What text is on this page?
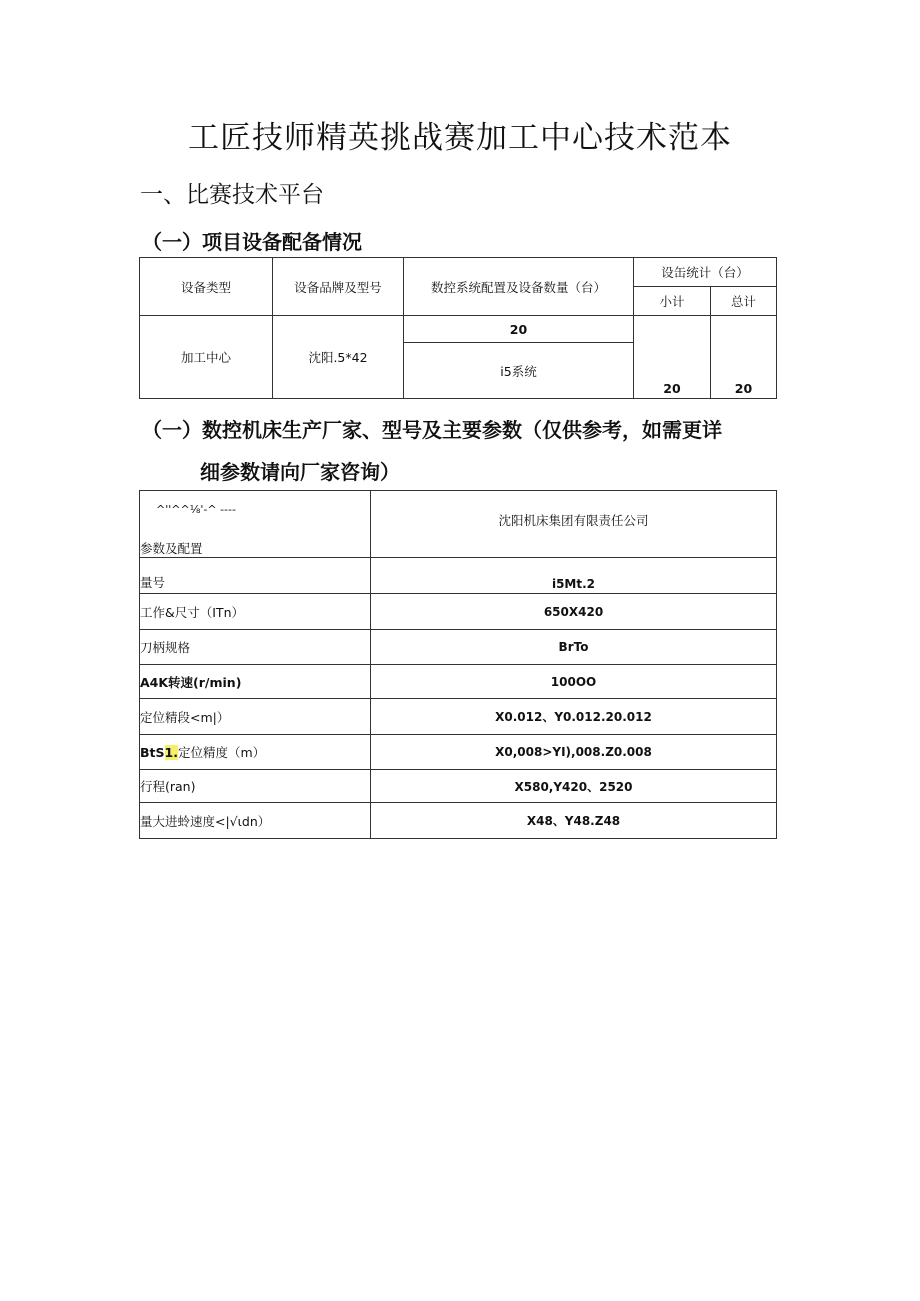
工匠技师精英挑战赛加工中心技术范本
一、比赛技术平台
（一）项目设备配备情况
设备类型	设备品牌及型号	数控系统配置及设备数量（台）	设缶统计（台）	
			小计	总计
加工中心	沈阳.5*42	20	20	20
		i5系统		
（一）数控机床生产厂家、型号及主要参数（仅供参考，如需更详
细参数请向厂家咨询）
^''^^⅛'-^ ----
参数及配置	沈阳机床集团有限责任公司
量号	i5Mt.2
工作&尺寸（ITn）	650X420
刀柄规格	BrTo
A4K转速(r/min)	100OO
定位精段<m|）	X0.012、Y0.012.20.012
BtS1.定位精度（m）	X0,008>YI),008.Z0.008
行程(ran)	X580,Y420、2520
量大进蛉速度<|√ιdn）	X48、Y48.Z48
